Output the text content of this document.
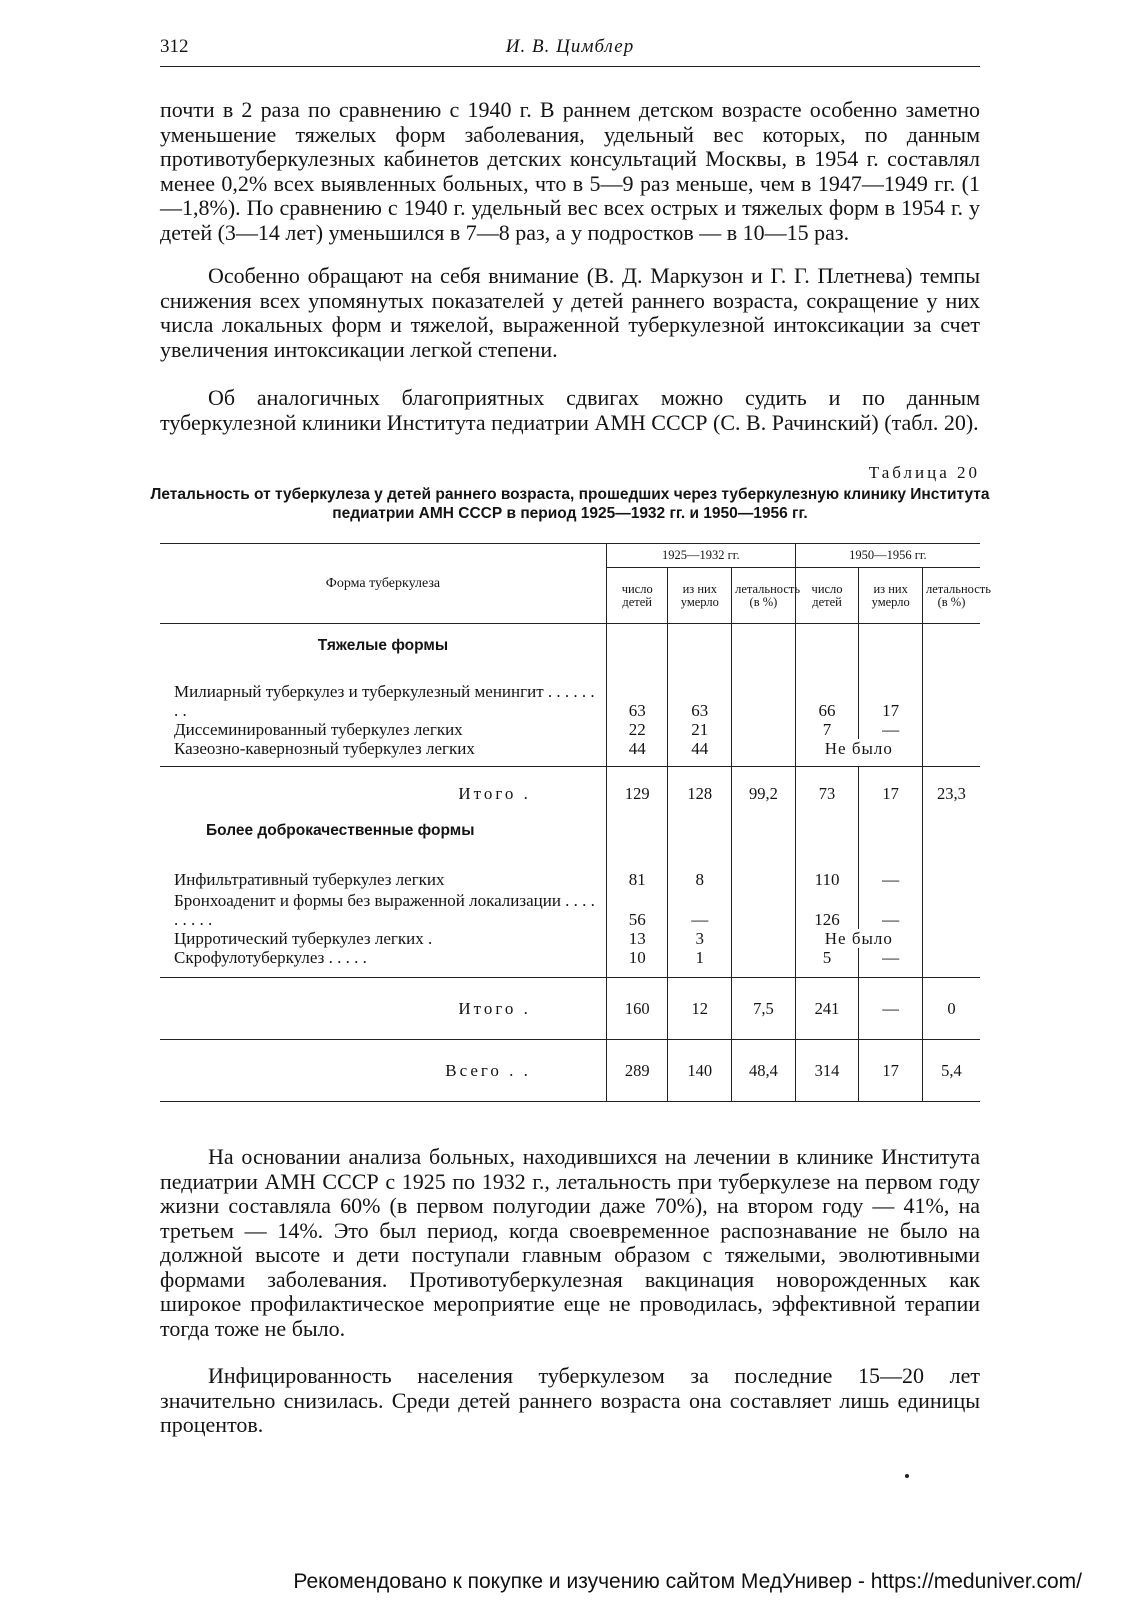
312	И. В. Цимблер
почти в 2 раза по сравнению с 1940 г. В раннем детском возрасте особенно заметно уменьшение тяжелых форм заболевания, удельный вес которых, по данным противотуберкулезных кабинетов детских консультаций Москвы, в 1954 г. составлял менее 0,2% всех выявленных больных, что в 5—9 раз меньше, чем в 1947—1949 гг. (1—1,8%). По сравнению с 1940 г. удельный вес всех острых и тяжелых форм в 1954 г. у детей (3—14 лет) уменьшился в 7—8 раз, а у подростков — в 10—15 раз.
Особенно обращают на себя внимание (В. Д. Маркузон и Г. Г. Плетнева) темпы снижения всех упомянутых показателей у детей раннего возраста, сокращение у них числа локальных форм и тяжелой, выраженной туберкулезной интоксикации за счет увеличения интоксикации легкой степени.
Об аналогичных благоприятных сдвигах можно судить и по данным туберкулезной клиники Института педиатрии АМН СССР (С. В. Рачинский) (табл. 20).
Таблица 20
Летальность от туберкулеза у детей раннего возраста, прошедших через туберкулезную клинику Института педиатрии АМН СССР в период 1925—1932 гг. и 1950—1956 гг.
Форма туберкулеза	1925—1932 гг.			1950—1956 гг.		
	число детей	из них умерло	летальность (в %)	число детей	из них умерло	летальность (в %)
Тяжелые формы						
Милиарный туберкулез и туберкулезный менингит . . . . . . . .	63	63		66	17	
Диссеминированный туберкулез легких	22	21		7	—	
Казеозно-кавернозный туберкулез легких	44	44		Не было		
Итого .	129	128	99,2	73	17	23,3
Более доброкачественные формы						
Инфильтративный туберкулез легких	81	8		110	—	
Бронхоаденит и формы без выраженной локализации . . . . . . . . .	56	—		126	—	
Цирротический туберкулез легких .	13	3		Не было		
Скрофулотуберкулез . . . . .	10	1		5	—	
Итого .	160	12	7,5	241	—	0
Всего . .	289	140	48,4	314	17	5,4
На основании анализа больных, находившихся на лечении в клинике Института педиатрии АМН СССР с 1925 по 1932 г., летальность при туберкулезе на первом году жизни составляла 60% (в первом полугодии даже 70%), на втором году — 41%, на третьем — 14%. Это был период, когда своевременное распознавание не было на должной высоте и дети поступали главным образом с тяжелыми, эволютивными формами заболевания. Противотуберкулезная вакцинация новорожденных как широкое профилактическое мероприятие еще не проводилась, эффективной терапии тогда тоже не было.
Инфицированность населения туберкулезом за последние 15—20 лет значительно снизилась. Среди детей раннего возраста она составляет лишь единицы процентов.
Рекомендовано к покупке и изучению сайтом МедУнивер - https://meduniver.com/
